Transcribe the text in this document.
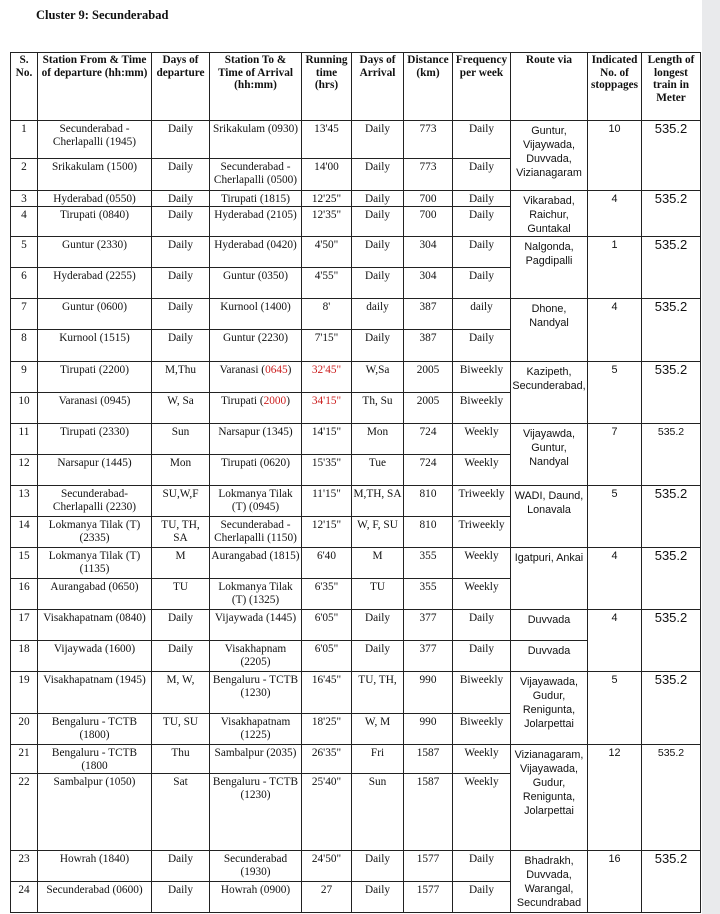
Cluster 9: Secunderabad
S. No.	Station From & Time of departure (hh:mm)	Days of departure	Station To & Time of Arrival (hh:mm)	Running time (hrs)	Days of Arrival	Distance (km)	Frequency per week	Route via	Indicated No. of stoppages	Length of longest train in Meter
1	Secunderabad - Cherlapalli (1945)	Daily	Srikakulam (0930)	13'45	Daily	773	Daily	Guntur, Vijaywada, Duvvada, Vizianagaram	10	535.2
2	Srikakulam (1500)	Daily	Secunderabad - Cherlapalli (0500)	14'00	Daily	773	Daily			
3	Hyderabad (0550)	Daily	Tirupati (1815)	12'25"	Daily	700	Daily	Vikarabad, Raichur, Guntakal	4	535.2
4	Tirupati (0840)	Daily	Hyderabad (2105)	12'35"	Daily	700	Daily			
5	Guntur (2330)	Daily	Hyderabad (0420)	4'50"	Daily	304	Daily	Nalgonda, Pagdipalli	1	535.2
6	Hyderabad (2255)	Daily	Guntur (0350)	4'55"	Daily	304	Daily			
7	Guntur (0600)	Daily	Kurnool (1400)	8'	daily	387	daily	Dhone, Nandyal	4	535.2
8	Kurnool (1515)	Daily	Guntur (2230)	7'15"	Daily	387	Daily			
9	Tirupati (2200)	M,Thu	Varanasi (0645)	32'45"	W,Sa	2005	Biweekly	Kazipeth, Secunderabad,	5	535.2
10	Varanasi (0945)	W, Sa	Tirupati (2000)	34'15"	Th, Su	2005	Biweekly			
11	Tirupati (2330)	Sun	Narsapur (1345)	14'15"	Mon	724	Weekly	Vijayawda, Guntur, Nandyal	7	535.2
12	Narsapur (1445)	Mon	Tirupati (0620)	15'35"	Tue	724	Weekly			
13	Secunderabad- Cherlapalli (2230)	SU,W,F	Lokmanya Tilak (T) (0945)	11'15"	M,TH, SA	810	Triweekly	WADI, Daund, Lonavala	5	535.2
14	Lokmanya Tilak (T) (2335)	TU, TH, SA	Secunderabad - Cherlapalli (1150)	12'15"	W, F, SU	810	Triweekly			
15	Lokmanya Tilak (T) (1135)	M	Aurangabad (1815)	6'40	M	355	Weekly	Igatpuri, Ankai	4	535.2
16	Aurangabad (0650)	TU	Lokmanya Tilak (T) (1325)	6'35"	TU	355	Weekly			
17	Visakhapatnam (0840)	Daily	Vijaywada (1445)	6'05"	Daily	377	Daily	Duvvada	4	535.2
18	Vijaywada (1600)	Daily	Visakhapnam (2205)	6'05"	Daily	377	Daily	Duvvada		
19	Visakhapatnam (1945)	M, W,	Bengaluru - TCTB (1230)	16'45"	TU, TH,	990	Biweekly	Vijayawada, Gudur, Renigunta, Jolarpettai	5	535.2
20	Bengaluru - TCTB (1800)	TU, SU	Visakhapatnam (1225)	18'25"	W, M	990	Biweekly			
21	Bengaluru - TCTB (1800	Thu	Sambalpur (2035)	26'35"	Fri	1587	Weekly	Vizianagaram, Vijayawada, Gudur, Renigunta, Jolarpettai	12	535.2
22	Sambalpur (1050)	Sat	Bengaluru - TCTB (1230)	25'40"	Sun	1587	Weekly			
23	Howrah (1840)	Daily	Secunderabad (1930)	24'50"	Daily	1577	Daily	Bhadrakh, Duvvada, Warangal, Secundrabad	16	535.2
24	Secunderabad (0600)	Daily	Howrah (0900)	27	Daily	1577	Daily			
